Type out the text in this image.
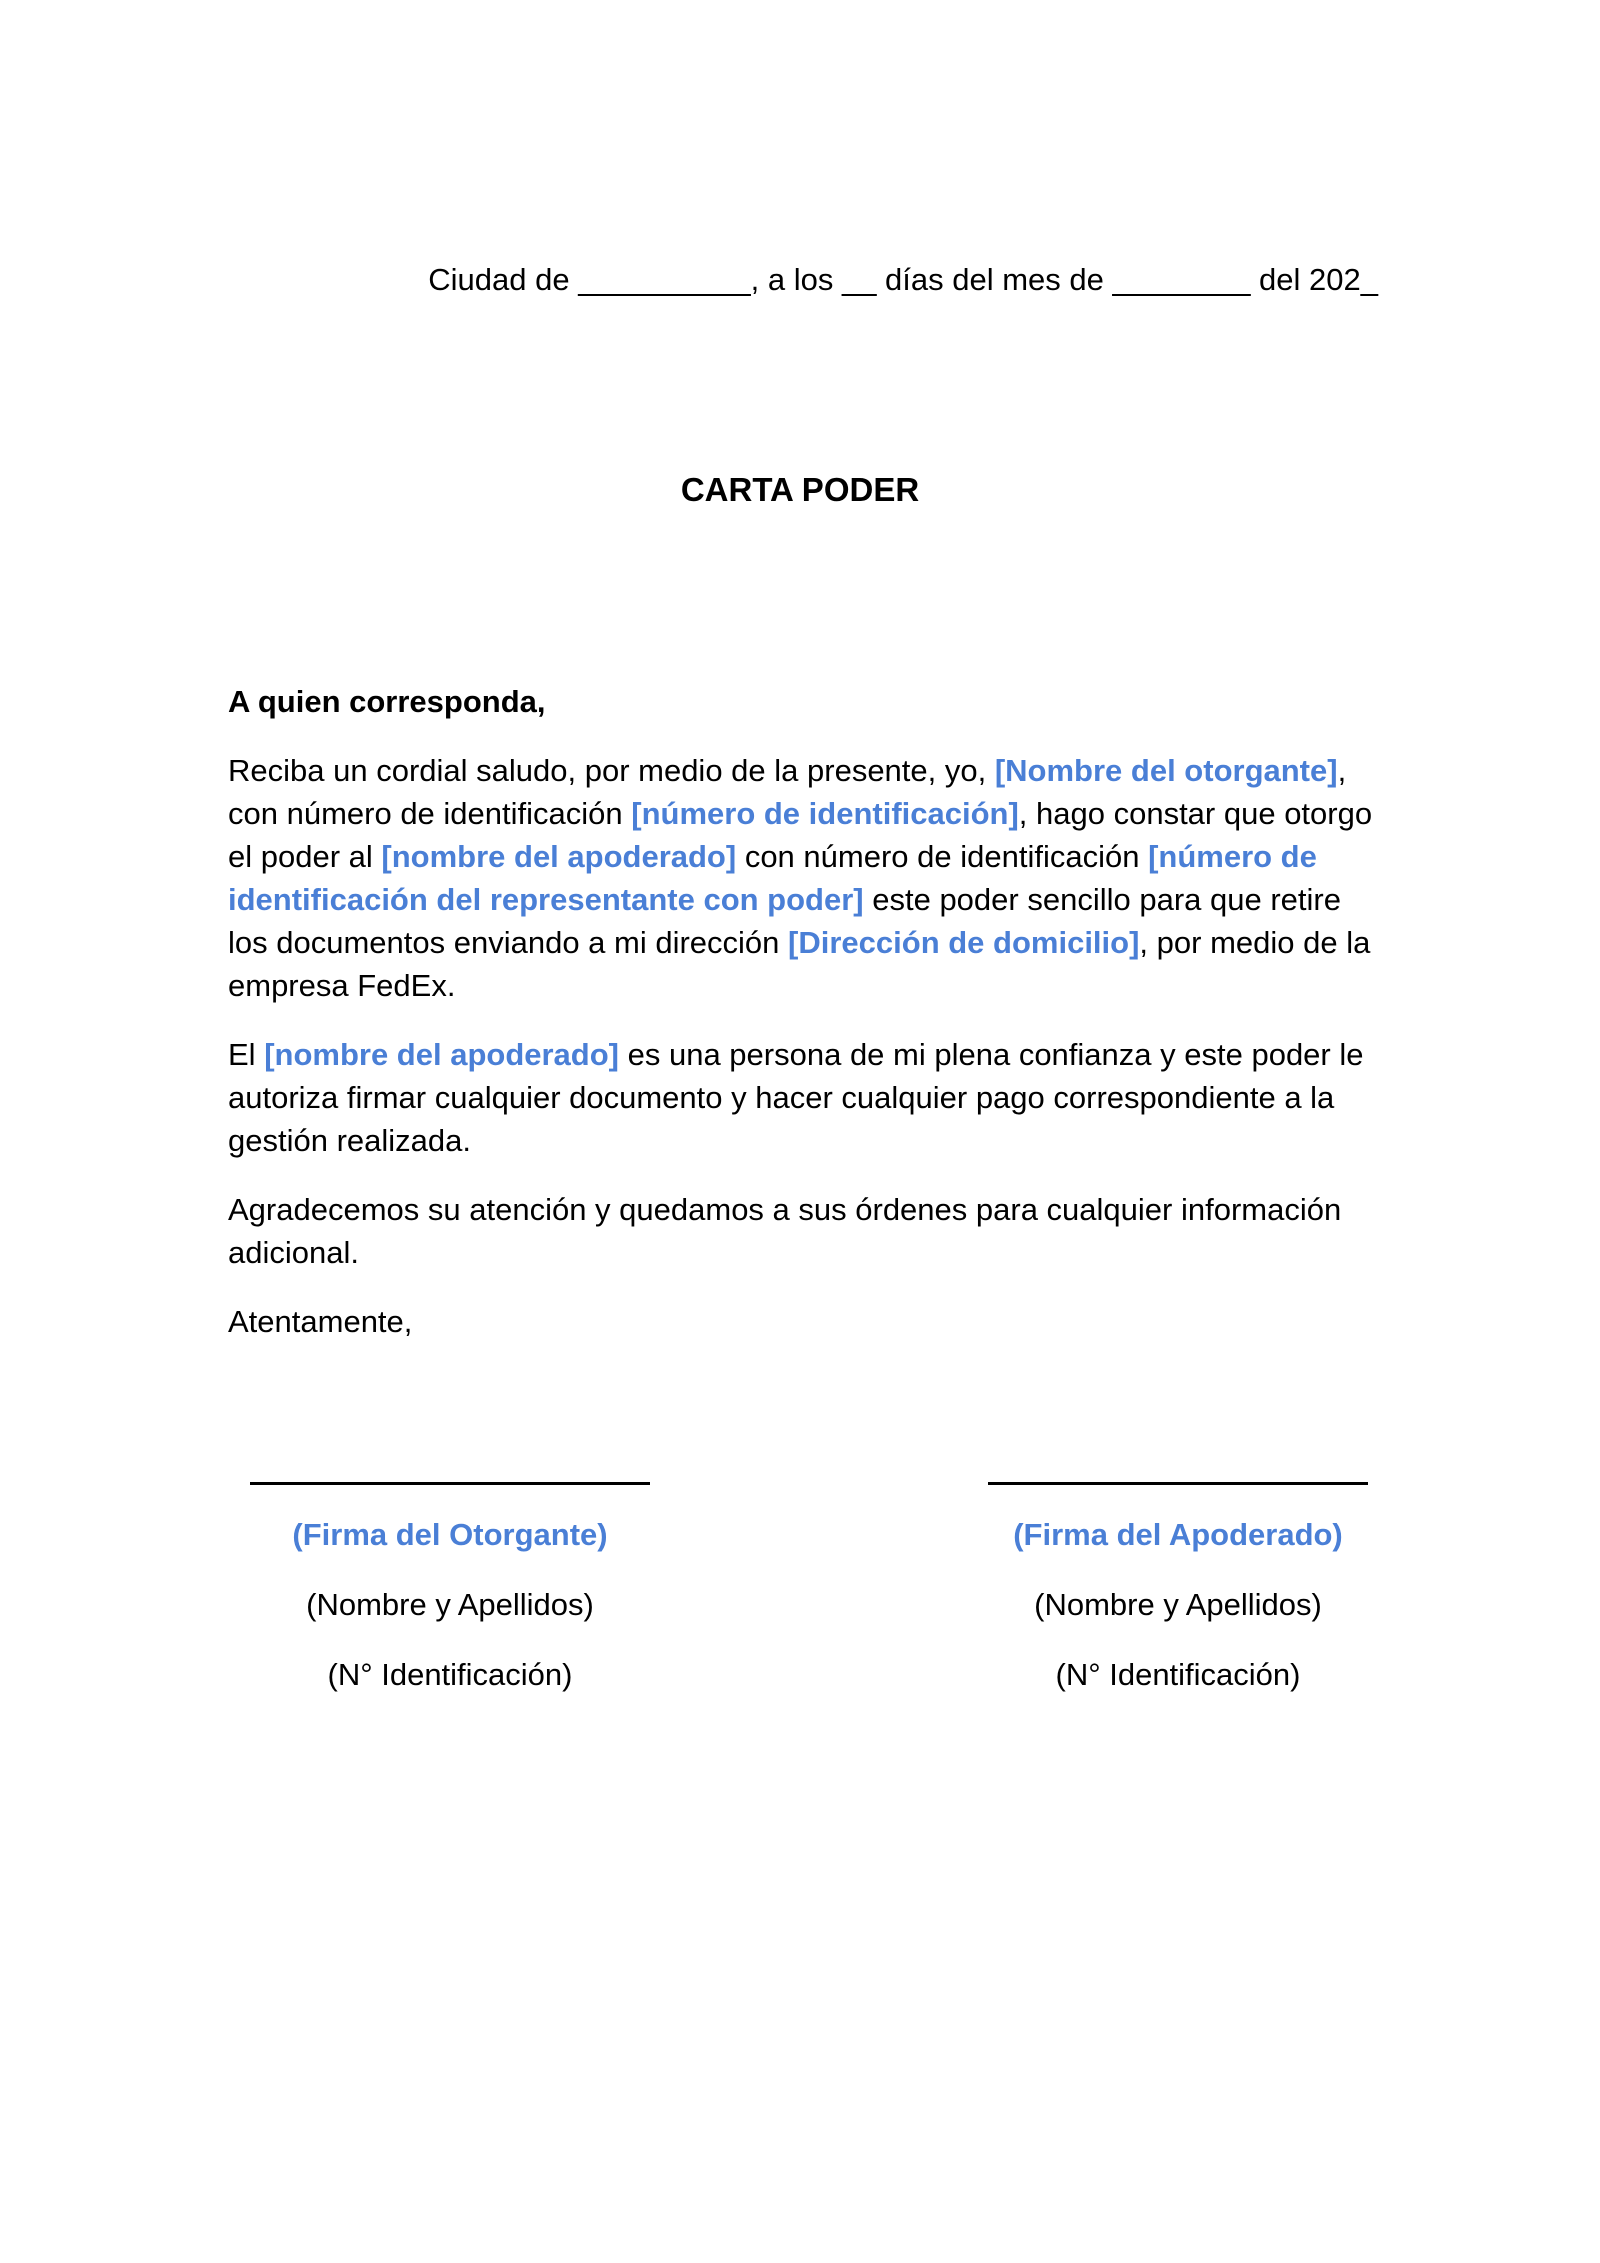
Ciudad de __________, a los __ días del mes de ________ del 202_
CARTA PODER

A quien corresponda,

Reciba un cordial saludo, por medio de la presente, yo, [Nombre del otorgante], con número de identificación [número de identificación], hago constar que otorgo el poder al [nombre del apoderado] con número de identificación [número de identificación del representante con poder] este poder sencillo para que retire los documentos enviando a mi dirección [Dirección de domicilio], por medio de la empresa FedEx.

El [nombre del apoderado] es una persona de mi plena confianza y este poder le autoriza firmar cualquier documento y hacer cualquier pago correspondiente a la gestión realizada.

Agradecemos su atención y quedamos a sus órdenes para cualquier información adicional.

Atentamente,

(Firma del Otorgante)
(Nombre y Apellidos)
(N° Identificación)
(Firma del Apoderado)
(Nombre y Apellidos)
(N° Identificación)
